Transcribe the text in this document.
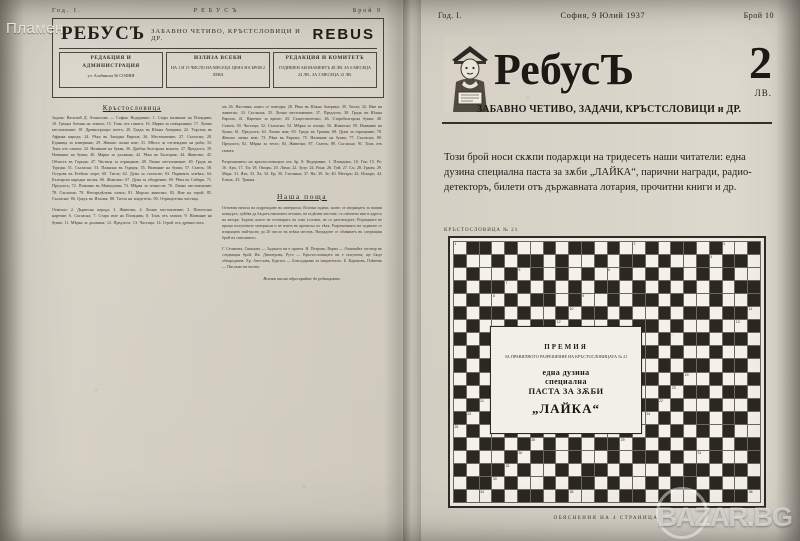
Год. I.	РЕБУСЪ	Брой 9
РЕБУСЪ ЗАБАВНО ЧЕТИВО, КРЪСТСЛОВИЦИ И ДР.	REBUS
РЕДАКЦИЯ И АДМИНИСТРАЦИЯ
ул. Алабинска 56 СОФИЯ
ИЗЛИЗА ВСЕКИ
НА 1 И 15 ЧИСЛО НА МЕСЕЦА ЦЕНА НА БРОЯ 2 ЛЕВА
РЕДАКЦИЯ И КОМИТЕТЪ
ГОДИШЕН АБОНАМЕНТЪ 48 ЛВ. ЗА 6 МЕСЕЦА 24 ЛВ., ЗА 3 МЕСЕЦА 12 ЛВ.
Кръстословица
Задача: Василий Д. Атанасовъ — София. Водоравно: 1. Старо название на Пловдивъ; 10. Гръцка богиня на земята; 15. Тонъ отъ гамата; 16. Мярка за повърхнина; 17. Лично местоимение; 18. Древногръцки поетъ; 20. Градъ въ Южна Америка; 22. Търсенъ въ Африка народъ; 24. Рѣка въ Западна Европа; 26. Местоимение; 27. Съгласна; 28. Единица за измерване; 29. Женско лично име; 31. Мѣсто за отглеждане на риба; 33. Тонъ отъ гамата; 34. Название на буква; 36. Дребна българска монета; 37. Предлогъ; 39. Название на буква; 40. Мярка за дължина; 42. Рѣка въ България; 44. Животно; 45. Областъ въ Гърция; 47. Частица за отрицание; 48. Лично местоимение; 49. Градъ въ Турция; 51. Съгласна; 53. Планина въ Гърция; 55. Название на буква; 57. Съюзъ; 58. Острова въ Егейско море; 60. Титла; 62. Дума за съгласие; 63. Първиятъ човѣкъ; 64. Българска народна носия; 66. Животно; 67. Дума за ободрение; 69. Рѣка въ Сибирь; 71. Предлогъ; 72. Планина въ Македония; 74. Мѣрка за течности; 76. Лично местоимение; 78. Съгласна; 79. Неопредѣленъ членъ; 81. Морско животно; 83. Име на герой; 85. Съгласна; 86. Градъ въ Италия; 88. Титла на владетель; 90. Отрицателна частица.
Отвесно: 2. Дървесна порода; 3. Животно; 4. Лично местоимение; 5. Питателно наречие; 6. Съгласна; 7. Старо име на Пловдивъ; 8. Тонъ отъ гамата; 9. Название на буква; 11. Мѣрка за дължина; 12. Предлогъ; 13. Частица; 14. Герой отъ древностьта.
мъ 26. Наставка, която се повтаря; 28. Рѣка въ Южна Америка; 30. Титла; 32. Име на животно; 33. Съгласна; 35. Лично местоимение; 37. Предлогъ; 38. Градъ въ Южна Европа; 41. Наречие за време; 43. Съществително; 46. Старобългарска буква; 48. Съюзъ; 50. Частица; 52. Съгласна; 54. Мѣрка за площь; 56. Животно; 59. Название на буква; 61. Предлогъ; 63. Лично име; 65. Градъ въ Тракия; 68. Дума за отрицание; 70. Женско лично име; 73. Рѣка въ Европа; 75. Название на буква; 77. Съгласна; 80. Предлогъ; 82. Мѣрка за тегло; 84. Животно; 87. Съюзъ; 89. Съгласна; 91. Тонъ отъ гамата.
Разрешението на кръстословицата отъ бр. 8: Водоравно: 1. Пловдивъ; 10. Гея; 15. Ре; 16. Аръ; 17. Ти; 18. Омиръ; 20. Лима; 22. Зулу; 24. Рона; 26. Той; 27. Съ; 28. Грамъ; 29. Мара; 31. Язъ; 33. Ла; 34. Ер; 36. Стотинка; 37. На; 39. Зе; 40. Метъръ; 42. Искъръ; 44. Еленъ; 45. Тракия.
Наша поща
Основни начала на подреждане на материала: Всички задачи, които се изпращатъ за нашия конкурсъ, трѣбва да бѫдатъ написани четливо, на отдѣлни листове, съ означено име и адресъ на автора. Задачи, които не отговарятъ на това условие, не се разглеждатъ. Редакцията не връща получените материали и не влиза въ преписка по тѣхъ. Разрешенията на задачите се изпращатъ най-късно до 20 число на всѣки месецъ. Наградите се обявяватъ въ следващия брой на списанието.
Г. Стояновъ, Свищовъ — Задачата ви е приета. Н. Петровъ, Варна — Очаквайте отговор въ следващия брой. Ив. Димитровъ, Русе — Кръстословицата ви е получена; ще бѫде обнародвана. Хр. Ангеловъ, Бургасъ — Благодаримъ за изпратеното. Б. Карановъ, Плѣвенъ — Писахме ви частно.
Всички писма адресирайте до редакцията.
Год. I.	София, 9 Юлий 1937	Брой 10
РебусЪ	2
ЛВ.
ЗАБАВНО ЧЕТИВО, ЗАДАЧИ, КРЪСТСЛОВИЦИ и ДР.
Този брой носи скѫпи подарѫци на тридесеть наши читатели: една дузина специална паста за зѫби „ЛАЙКА“, парични награди, радио-детекторъ, билети отъ държавната лотария, прочитни книги и др.
КРЪСТОСЛОВИЦА № 21
1	2	3
4
5	6
7
8	9
10	11
12	13
19
20
21	22
23	24
25
28	29
30	31
32
33
34	35	36
ПРЕМИЯ
ЗА ПРАВИЛНОТО РАЗРЕШЕНИЕ НА КРЪСТОСЛОВИЦАТА № 21
една дузина
специална
ПАСТА ЗА ЗѪБИ
„ЛАЙКА“
ОБЯСНЕНИЯ НА 4 СТРАНИЦА
Пламен
BAZAR.BG
